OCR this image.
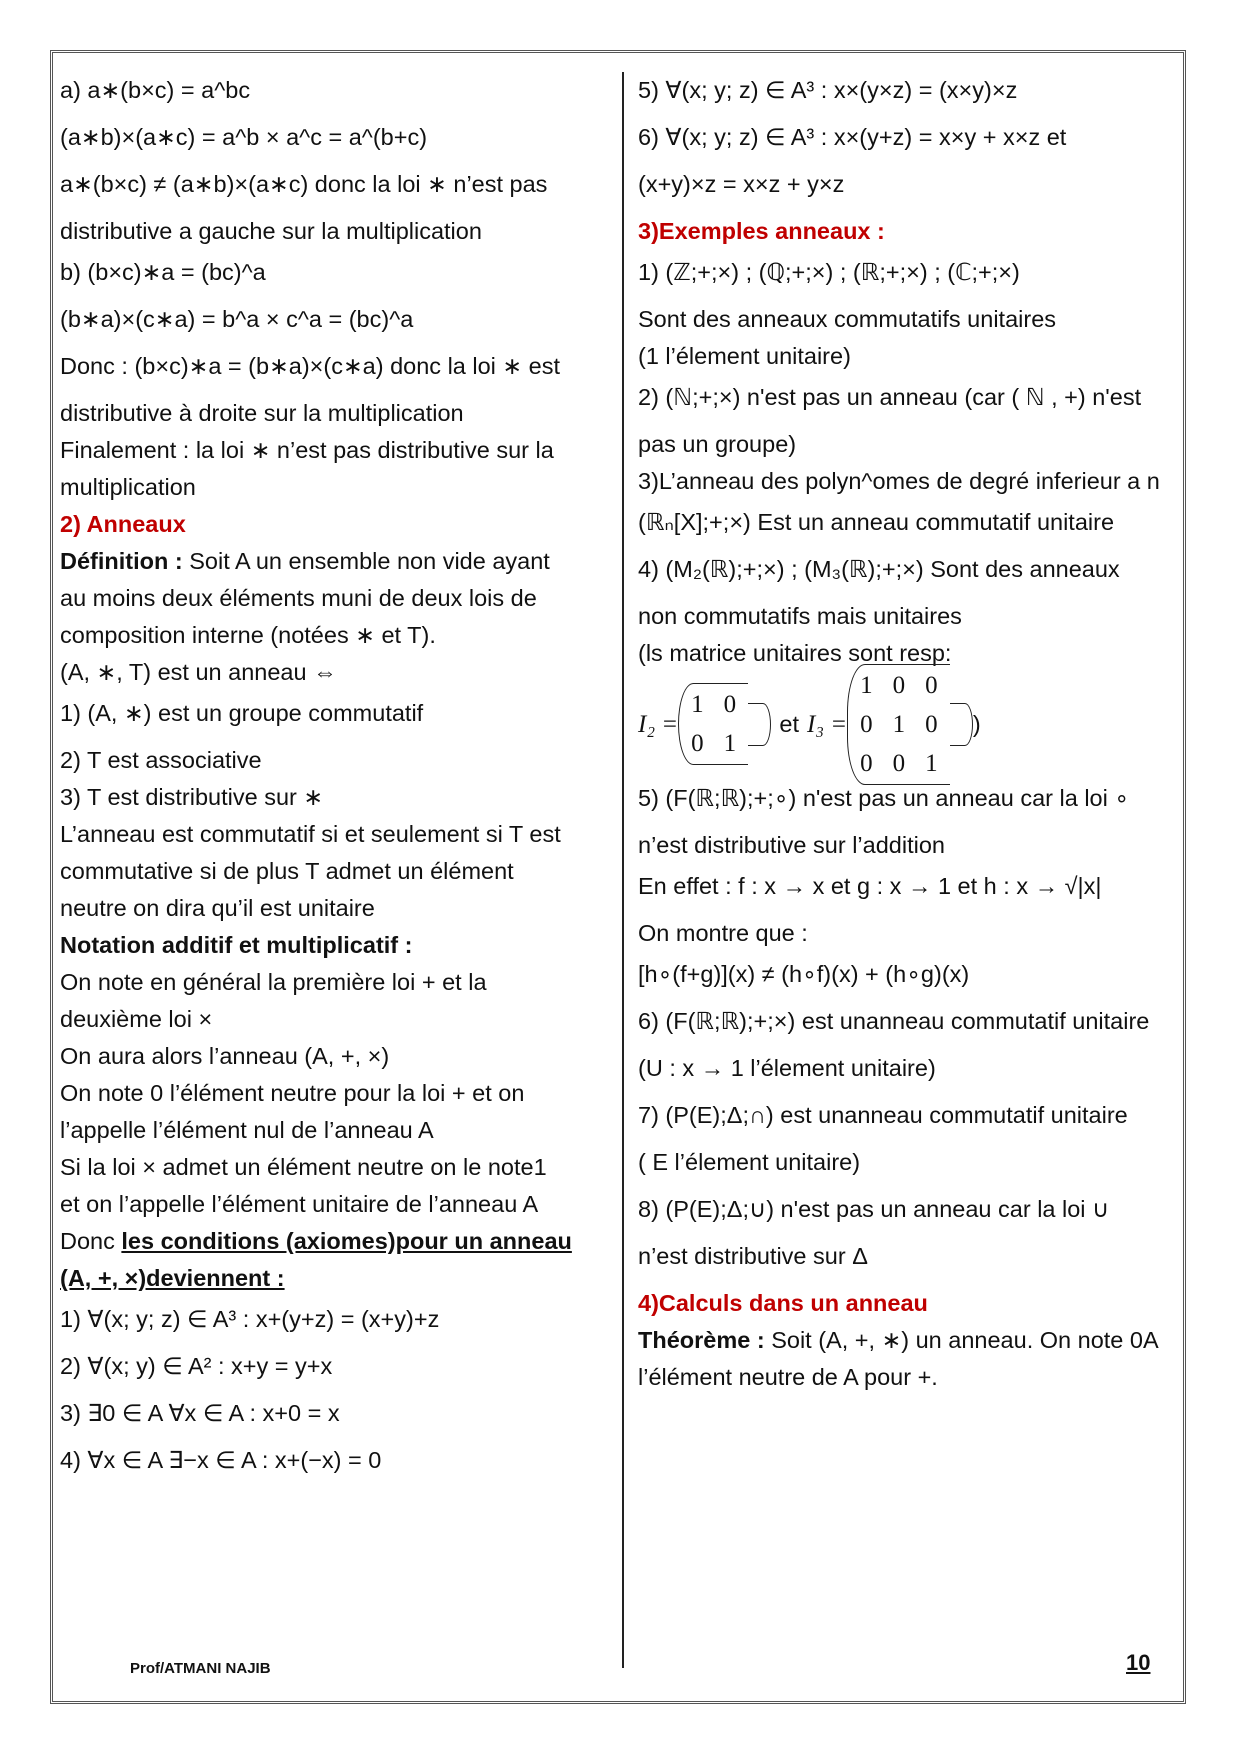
a) a∗(b×c) = a^bc
(a∗b)×(a∗c) = a^b × a^c = a^(b+c)
a∗(b×c) ≠ (a∗b)×(a∗c) donc la loi ∗ n’est pas
distributive a gauche sur la multiplication
b) (b×c)∗a = (bc)^a
(b∗a)×(c∗a) = b^a × c^a = (bc)^a
Donc : (b×c)∗a = (b∗a)×(c∗a) donc la loi ∗ est
distributive à droite sur la multiplication
Finalement : la loi ∗ n’est pas distributive sur la
multiplication
2) Anneaux
Définition : Soit A un ensemble non vide ayant
au moins deux éléments muni de deux lois de
composition interne (notées ∗ et T).
(A, ∗, T) est un anneau ⇔
1) (A, ∗) est un groupe commutatif
2) T est associative
3) T est distributive sur ∗
L’anneau est commutatif si et seulement si T est
commutative si de plus T admet un élément
neutre on dira qu’il est unitaire
Notation additif et multiplicatif :
On note en général la première loi + et la
deuxième loi ×
On aura alors l’anneau (A, +, ×)
On note 0 l’élément neutre pour la loi + et on
l’appelle l’élément nul de l’anneau A
Si la loi × admet un élément neutre on le note1
et on l’appelle l’élément unitaire de l’anneau A
Donc les conditions (axiomes)pour un anneau
(A, +, ×)deviennent :
1) ∀(x; y; z) ∈ A³ : x+(y+z) = (x+y)+z
2) ∀(x; y) ∈ A² : x+y = y+x
3) ∃0 ∈ A ∀x ∈ A : x+0 = x
4) ∀x ∈ A ∃−x ∈ A : x+(−x) = 0
5) ∀(x; y; z) ∈ A³ : x×(y×z) = (x×y)×z
6) ∀(x; y; z) ∈ A³ : x×(y+z) = x×y + x×z et
(x+y)×z = x×z + y×z
3)Exemples anneaux :
1) (ℤ;+;×) ; (ℚ;+;×) ; (ℝ;+;×) ; (ℂ;+;×)
Sont des anneaux commutatifs unitaires
(1 l’élement unitaire)
2) (ℕ;+;×) n'est pas un anneau (car ( ℕ , +) n'est
pas un groupe)
3)L’anneau des polyn^omes de degré inferieur a n
(ℝₙ[X];+;×) Est un anneau commutatif unitaire
4) (M₂(ℝ);+;×) ; (M₃(ℝ);+;×) Sont des anneaux
non commutatifs mais unitaires
(ls matrice unitaires sont resp:
I₂ =
1 0
0 1

et I₃ =
1 0 0
0 1 0
0 0 1

)
5) (F(ℝ;ℝ);+;∘) n'est pas un anneau car la loi ∘
n’est distributive sur l’addition
En effet : f : x → x et g : x → 1 et h : x → √|x|
On montre que :
[h∘(f+g)](x) ≠ (h∘f)(x) + (h∘g)(x)
6) (F(ℝ;ℝ);+;×) est unanneau commutatif unitaire
(U : x → 1 l’élement unitaire)
7) (P(E);Δ;∩) est unanneau commutatif unitaire
( E l’élement unitaire)
8) (P(E);Δ;∪) n'est pas un anneau car la loi ∪
n’est distributive sur Δ
4)Calculs dans un anneau
Théorème : Soit (A, +, ∗) un anneau. On note 0A
l’élément neutre de A pour +.
Prof/ATMANI NAJIB	10
